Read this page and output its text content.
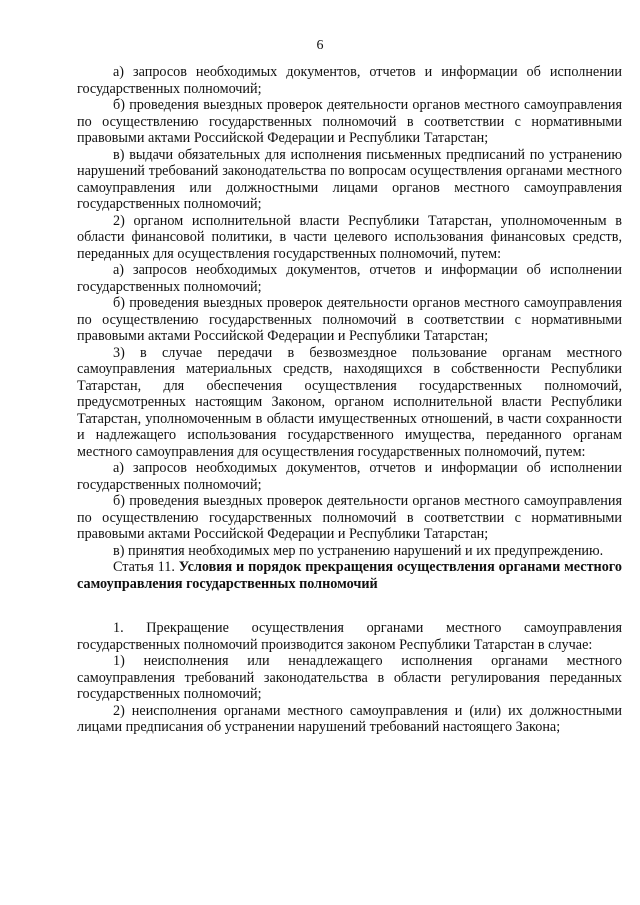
6

а) запросов необходимых документов, отчетов и информации об исполнении государственных полномочий;

б) проведения выездных проверок деятельности органов местного самоуправления по осуществлению государственных полномочий в соответствии с нормативными правовыми актами Российской Федерации и Республики Татарстан;

в) выдачи обязательных для исполнения письменных предписаний по устранению нарушений требований законодательства по вопросам осуществления органами местного самоуправления или должностными лицами органов местного самоуправления государственных полномочий;

2) органом исполнительной власти Республики Татарстан, уполномоченным в области финансовой политики, в части целевого использования финансовых средств, переданных для осуществления государственных полномочий, путем:

а) запросов необходимых документов, отчетов и информации об исполнении государственных полномочий;

б) проведения выездных проверок деятельности органов местного самоуправления по осуществлению государственных полномочий в соответствии с нормативными правовыми актами Российской Федерации и Республики Татарстан;

3) в случае передачи в безвозмездное пользование органам местного самоуправления материальных средств, находящихся в собственности Республики Татарстан, для обеспечения осуществления государственных полномочий, предусмотренных настоящим Законом, органом исполнительной власти Республики Татарстан, уполномоченным в области имущественных отношений, в части сохранности и надлежащего использования государственного имущества, переданного органам местного самоуправления для осуществления государственных полномочий, путем:

а) запросов необходимых документов, отчетов и информации об исполнении государственных полномочий;

б) проведения выездных проверок деятельности органов местного самоуправления по осуществлению государственных полномочий в соответствии с нормативными правовыми актами Российской Федерации и Республики Татарстан;

в) принятия необходимых мер по устранению нарушений и их предупреждению.

Статья 11. Условия и порядок прекращения осуществления органами местного самоуправления государственных полномочий

1. Прекращение осуществления органами местного самоуправления государственных полномочий производится законом Республики Татарстан в случае:

1) неисполнения или ненадлежащего исполнения органами местного самоуправления требований законодательства в области регулирования переданных государственных полномочий;

2) неисполнения органами местного самоуправления и (или) их должностными лицами предписания об устранении нарушений требований настоящего Закона;
